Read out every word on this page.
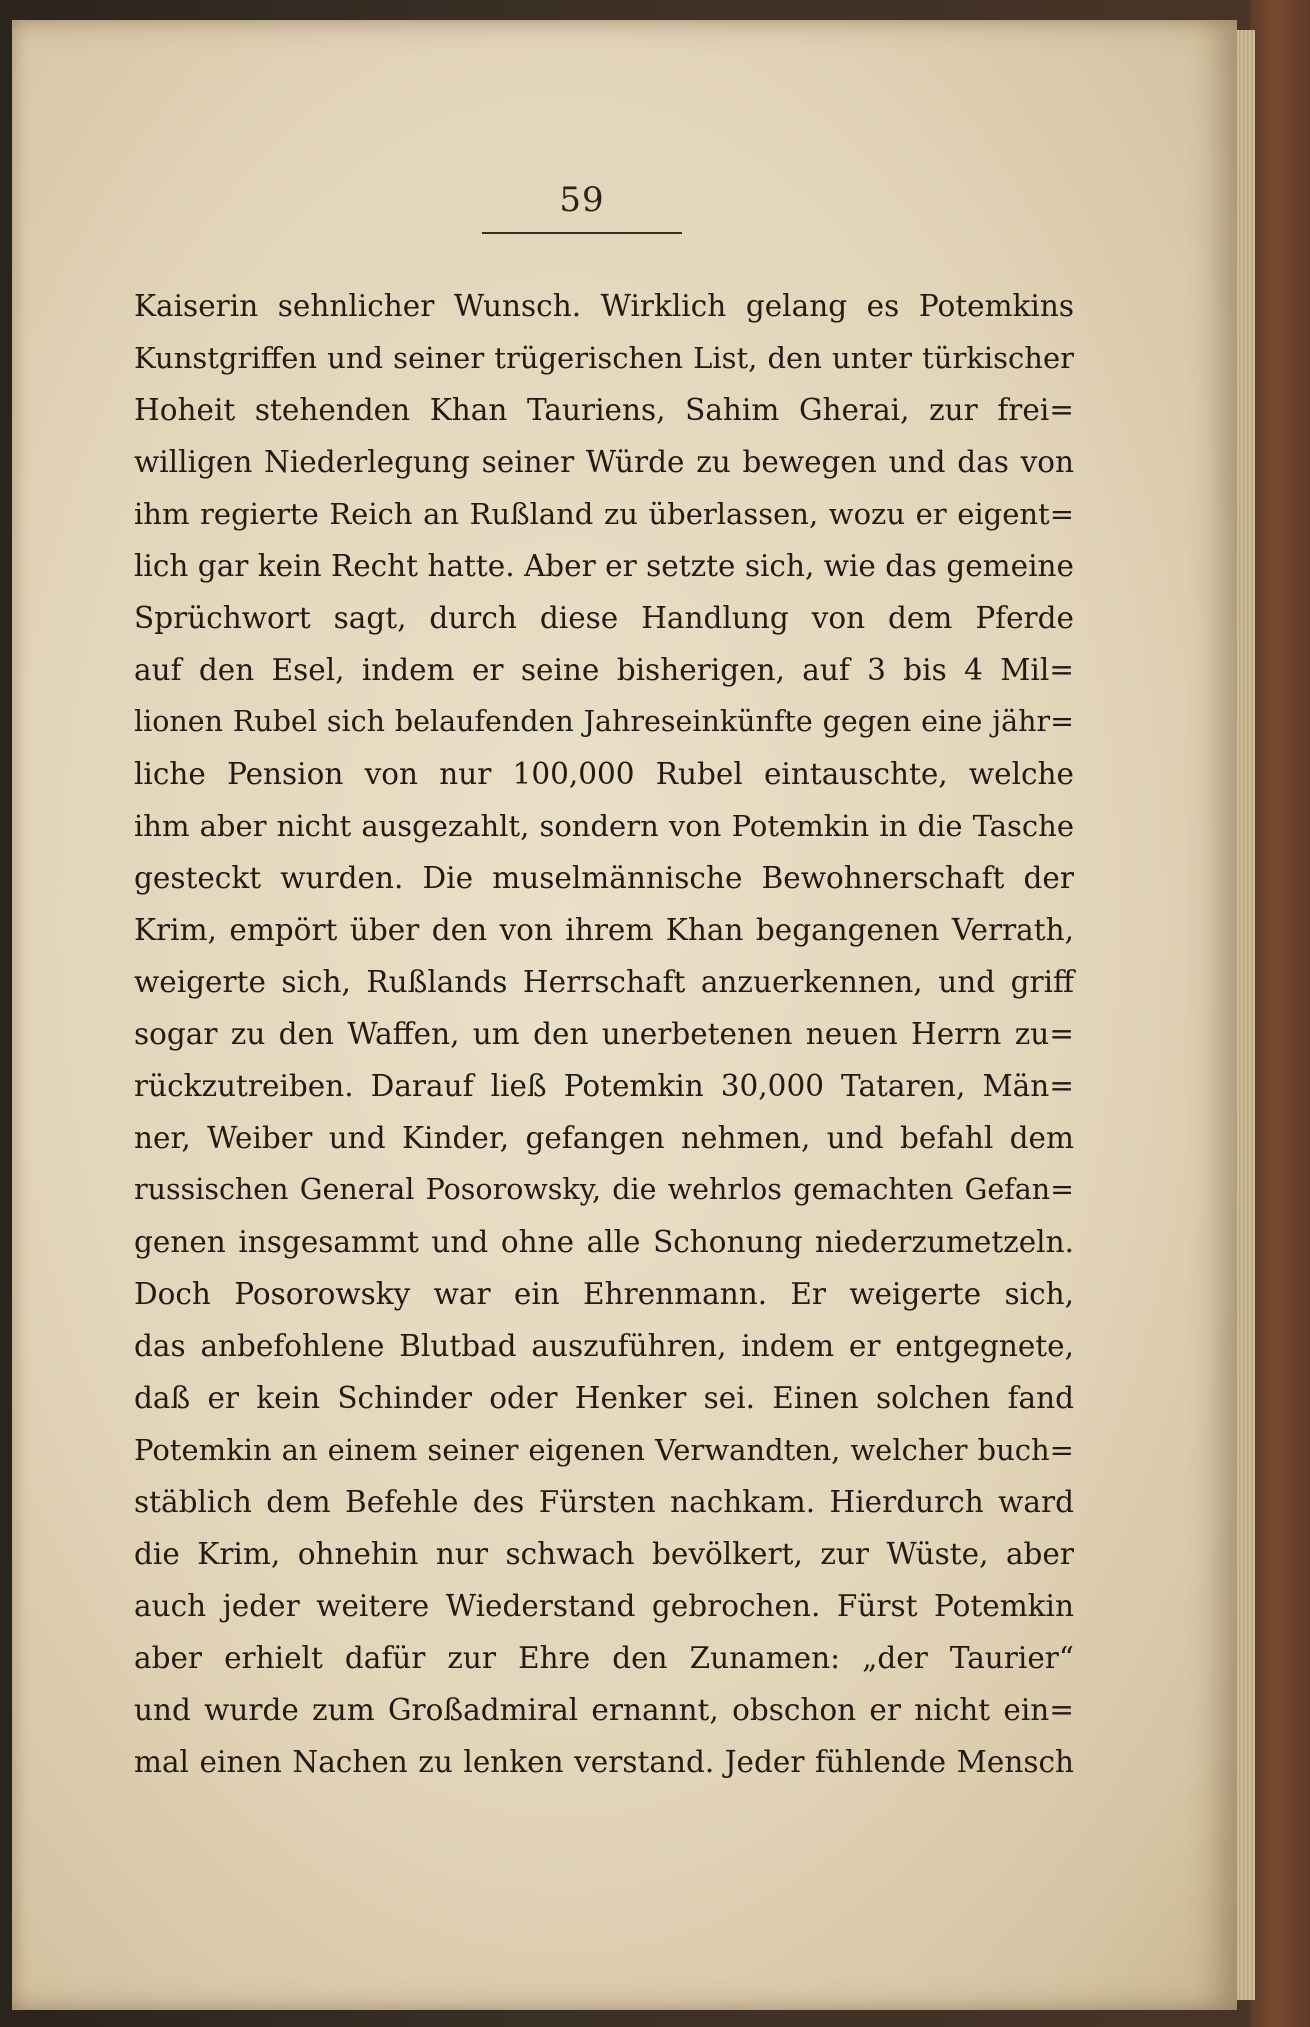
59
Kaiserin sehnlicher Wunsch. Wirklich gelang es Potemkins
Kunstgriffen und seiner trügerischen List, den unter türkischer
Hoheit stehenden Khan Tauriens, Sahim Gherai, zur frei=
willigen Niederlegung seiner Würde zu bewegen und das von
ihm regierte Reich an Rußland zu überlassen, wozu er eigent=
lich gar kein Recht hatte. Aber er setzte sich, wie das gemeine
Sprüchwort sagt, durch diese Handlung von dem Pferde
auf den Esel, indem er seine bisherigen, auf 3 bis 4 Mil=
lionen Rubel sich belaufenden Jahreseinkünfte gegen eine jähr=
liche Pension von nur 100,000 Rubel eintauschte, welche
ihm aber nicht ausgezahlt, sondern von Potemkin in die Tasche
gesteckt wurden. Die muselmännische Bewohnerschaft der
Krim, empört über den von ihrem Khan begangenen Verrath,
weigerte sich, Rußlands Herrschaft anzuerkennen, und griff
sogar zu den Waffen, um den unerbetenen neuen Herrn zu=
rückzutreiben. Darauf ließ Potemkin 30,000 Tataren, Män=
ner, Weiber und Kinder, gefangen nehmen, und befahl dem
russischen General Posorowsky, die wehrlos gemachten Gefan=
genen insgesammt und ohne alle Schonung niederzumetzeln.
Doch Posorowsky war ein Ehrenmann. Er weigerte sich,
das anbefohlene Blutbad auszuführen, indem er entgegnete,
daß er kein Schinder oder Henker sei. Einen solchen fand
Potemkin an einem seiner eigenen Verwandten, welcher buch=
stäblich dem Befehle des Fürsten nachkam. Hierdurch ward
die Krim, ohnehin nur schwach bevölkert, zur Wüste, aber
auch jeder weitere Wiederstand gebrochen. Fürst Potemkin
aber erhielt dafür zur Ehre den Zunamen: „der Taurier“
und wurde zum Großadmiral ernannt, obschon er nicht ein=
mal einen Nachen zu lenken verstand. Jeder fühlende Mensch
